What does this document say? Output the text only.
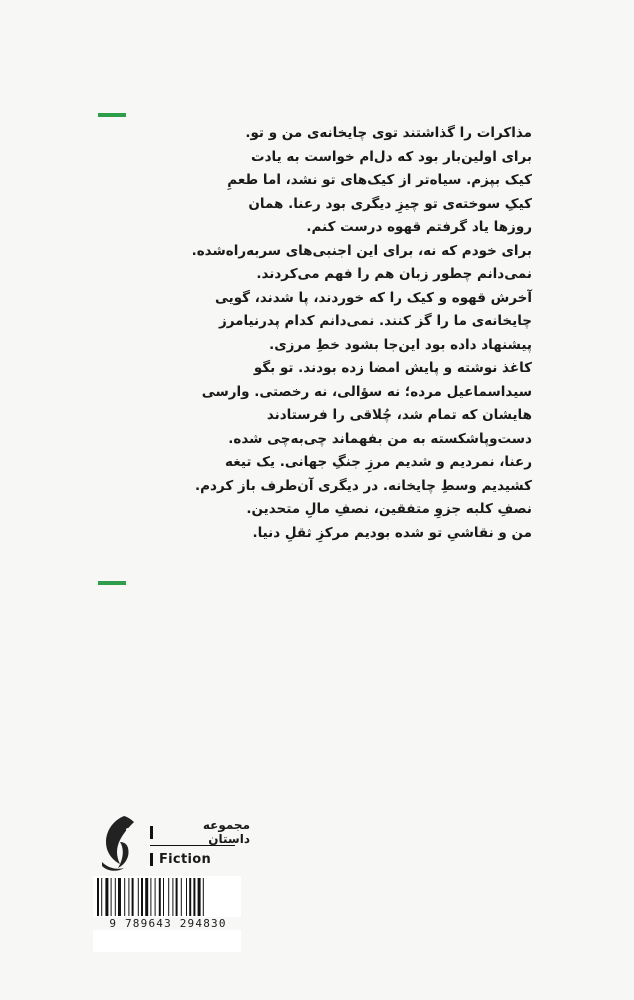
مذاکرات را گذاشتند توی چایخانه‌ی من و تو.
برای اولین‌بار بود که دل‌ام خواست به یادت
کیک بپزم. سیاه‌تر از کیک‌های تو نشد، اما طعمِ
کیکِ سوخته‌ی تو چیزِ دیگری بود رعنا. همان
روزها یاد گرفتم قهوه درست کنم.
برای خودم که نه، برای این اجنبی‌های سربه‌راه‌شده.
نمی‌دانم چطور زبان هم را فهم می‌کردند.
آخرش قهوه و کیک را که خوردند، پا شدند، گویی
چایخانه‌ی ما را گز کنند. نمی‌دانم کدام پدرنیامرز
پیشنهاد داده بود این‌جا بشود خطِ مرزی.
کاغذ نوشته و پایش امضا زده بودند. تو بگو
سیداسماعیل مرده؛ نه سؤالی، نه رخصتی. وارسی
هایشان که تمام شد، چُلاقی را فرستادند
دست‌وپاشکسته به من بفهماند چی‌به‌چی شده.
رعنا، نمردیم و شدیم مرزِ جنگِ جهانی. یک تیغه
کشیدیم وسطِ چایخانه. در دیگری آن‌طرف باز کردم.
نصفِ کلبه جزوِ متفقین، نصفِ مالِ متحدین.
من و نقاشیِ تو شده بودیم مرکزِ ثقلِ دنیا.
مجموعه داستان
Fiction
9 789643 294830
